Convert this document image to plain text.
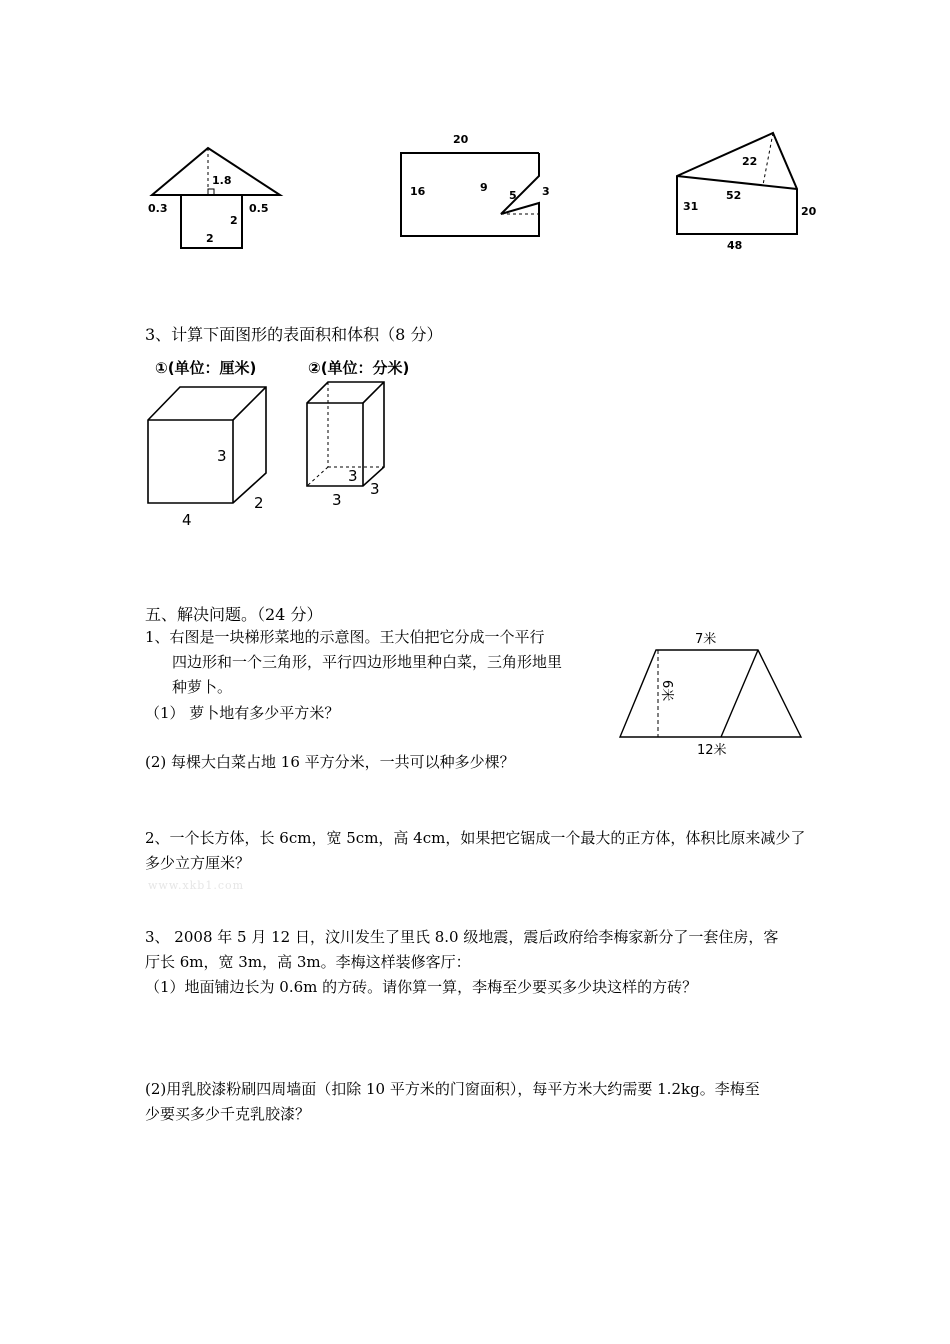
1.8
0.3	0.5
2
2
20
16	9
5 3
22
52
31	20
48
3、计算下面图形的表面积和体积（8 分）
①(单位：厘米)
3
2
4
②(单位：分米)
3
3
3
五、解决问题。（24 分）
1、右图是一块梯形菜地的示意图。王大伯把它分成一个平行
四边形和一个三角形，平行四边形地里种白菜，三角形地里
种萝卜。
（1） 萝卜地有多少平方米？
(2) 每棵大白菜占地 16 平方分米，一共可以种多少棵？
7米
6米
12米
2、一个长方体，长 6cm，宽 5cm，高 4cm，如果把它锯成一个最大的正方体，体积比原来减少了
多少立方厘米？
www.xkb1.com
3、 2008 年 5 月 12 日，汶川发生了里氏 8.0 级地震，震后政府给李梅家新分了一套住房，客
厅长 6m，宽 3m，高 3m。李梅这样装修客厅：
（1）地面铺边长为 0.6m 的方砖。请你算一算，李梅至少要买多少块这样的方砖？
(2)用乳胶漆粉刷四周墙面（扣除 10 平方米的门窗面积），每平方米大约需要 1.2kg。李梅至
少要买多少千克乳胶漆？
